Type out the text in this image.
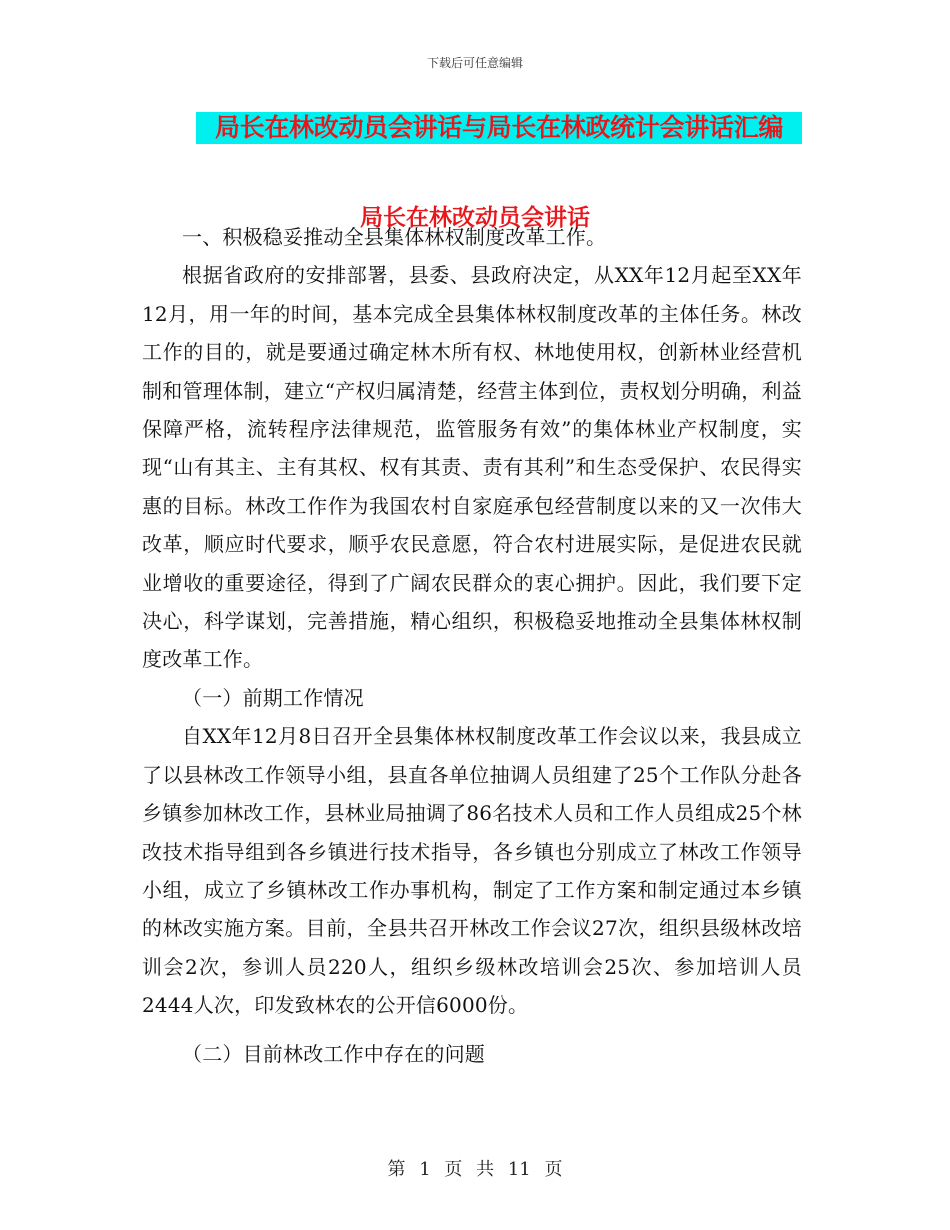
下载后可任意编辑
局长在林改动员会讲话与局长在林政统计会讲话汇编
局长在林改动员会讲话

一、积极稳妥推动全县集体林权制度改革工作。

根据省政府的安排部署，县委、县政府决定，从XX年12月起至XX年12月，用一年的时间，基本完成全县集体林权制度改革的主体任务。林改工作的目的，就是要通过确定林木所有权、林地使用权，创新林业经营机制和管理体制，建立“产权归属清楚，经营主体到位，责权划分明确，利益保障严格，流转程序法律规范，监管服务有效”的集体林业产权制度，实现“山有其主、主有其权、权有其责、责有其利”和生态受保护、农民得实惠的目标。林改工作作为我国农村自家庭承包经营制度以来的又一次伟大改革，顺应时代要求，顺乎农民意愿，符合农村进展实际，是促进农民就业增收的重要途径，得到了广阔农民群众的衷心拥护。因此，我们要下定决心，科学谋划，完善措施，精心组织，积极稳妥地推动全县集体林权制度改革工作。

（一）前期工作情况

自XX年12月8日召开全县集体林权制度改革工作会议以来，我县成立了以县林改工作领导小组，县直各单位抽调人员组建了25个工作队分赴各乡镇参加林改工作，县林业局抽调了86名技术人员和工作人员组成25个林改技术指导组到各乡镇进行技术指导，各乡镇也分别成立了林改工作领导小组，成立了乡镇林改工作办事机构，制定了工作方案和制定通过本乡镇的林改实施方案。目前，全县共召开林改工作会议27次，组织县级林改培训会2次，参训人员220人，组织乡级林改培训会25次、参加培训人员2444人次，印发致林农的公开信6000份。

（二）目前林改工作中存在的问题

第 1 页 共 11 页
